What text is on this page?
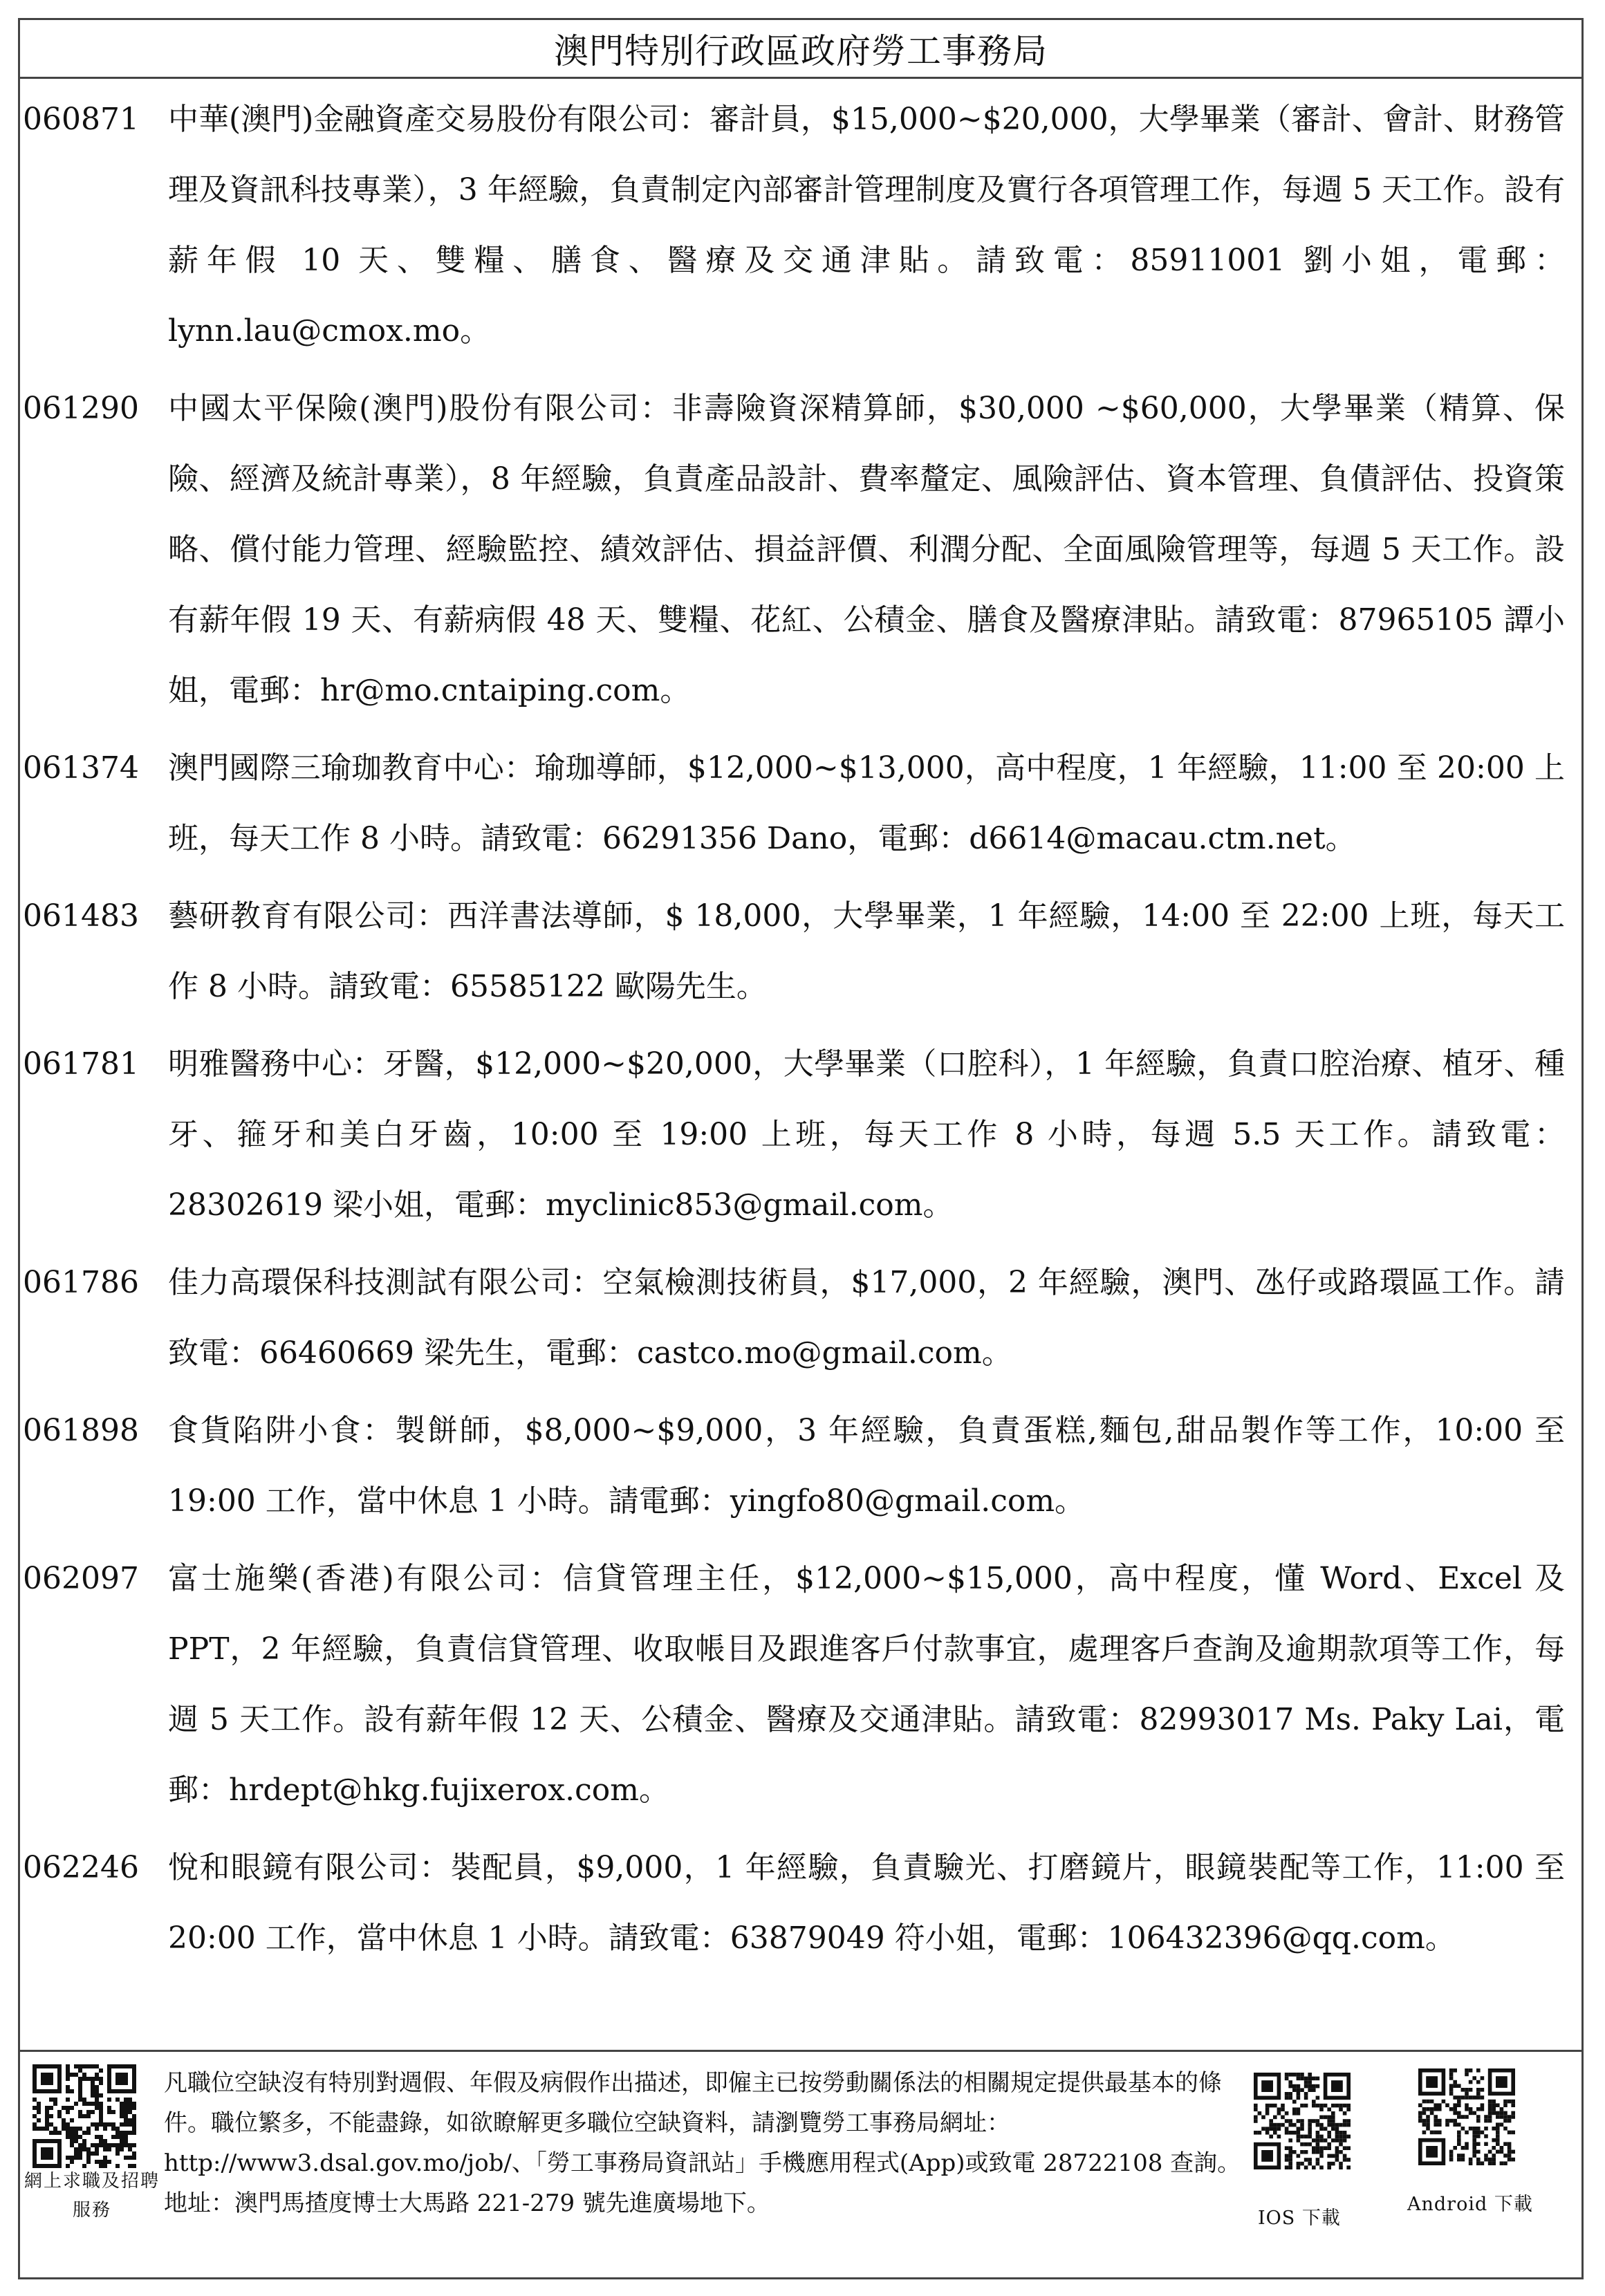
澳門特別行政區政府勞工事務局
060871 中華(澳門)金融資產交易股份有限公司：審計員，$15,000~$20,000，大學畢業（審計、會計、財務管理及資訊科技專業），3 年經驗，負責制定內部審計管理制度及實行各項管理工作，每週 5 天工作。設有薪年假 10 天、雙糧、膳食、醫療及交通津貼。請致電：85911001 劉小姐，電郵：lynn.lau@cmox.mo。
061290 中國太平保險(澳門)股份有限公司：非壽險資深精算師，$30,000 ~$60,000，大學畢業（精算、保險、經濟及統計專業），8 年經驗，負責產品設計、費率釐定、風險評估、資本管理、負債評估、投資策略、償付能力管理、經驗監控、績效評估、損益評價、利潤分配、全面風險管理等，每週 5 天工作。設有薪年假 19 天、有薪病假 48 天、雙糧、花紅、公積金、膳食及醫療津貼。請致電：87965105 譚小姐，電郵：hr@mo.cntaiping.com。
061374 澳門國際三瑜珈教育中心：瑜珈導師，$12,000~$13,000，高中程度，1 年經驗，11:00 至 20:00 上班，每天工作 8 小時。請致電：66291356 Dano，電郵：d6614@macau.ctm.net。
061483 藝研教育有限公司：西洋書法導師，$ 18,000，大學畢業，1 年經驗，14:00 至 22:00 上班，每天工作 8 小時。請致電：65585122 歐陽先生。
061781 明雅醫務中心：牙醫，$12,000~$20,000，大學畢業（口腔科），1 年經驗，負責口腔治療、植牙、種牙、箍牙和美白牙齒，10:00 至 19:00 上班，每天工作 8 小時，每週 5.5 天工作。請致電：28302619 梁小姐，電郵：myclinic853@gmail.com。
061786 佳力高環保科技測試有限公司：空氣檢測技術員，$17,000，2 年經驗，澳門、氹仔或路環區工作。請致電：66460669 梁先生，電郵：castco.mo@gmail.com。
061898 食貨陷阱小食：製餅師，$8,000~$9,000，3 年經驗，負責蛋糕,麵包,甜品製作等工作，10:00 至 19:00 工作，當中休息 1 小時。請電郵：yingfo80@gmail.com。
062097 富士施樂(香港)有限公司：信貸管理主任，$12,000~$15,000，高中程度，懂 Word、Excel 及 PPT，2 年經驗，負責信貸管理、收取帳目及跟進客戶付款事宜，處理客戶查詢及逾期款項等工作，每週 5 天工作。設有薪年假 12 天、公積金、醫療及交通津貼。請致電：82993017 Ms. Paky Lai，電郵：hrdept@hkg.fujixerox.com。
062246 悅和眼鏡有限公司：裝配員，$9,000，1 年經驗，負責驗光、打磨鏡片，眼鏡裝配等工作，11:00 至 20:00 工作，當中休息 1 小時。請致電：63879049 符小姐，電郵：106432396@qq.com。
網上求職及招聘服務
凡職位空缺沒有特別對週假、年假及病假作出描述，即僱主已按勞動關係法的相關規定提供最基本的條件。職位繁多，不能盡錄，如欲瞭解更多職位空缺資料，請瀏覽勞工事務局網址：http://www3.dsal.gov.mo/job/、「勞工事務局資訊站」手機應用程式(App)或致電 28722108 查詢。地址：澳門馬揸度博士大馬路 221-279 號先進廣場地下。
IOS 下載
Android 下載
